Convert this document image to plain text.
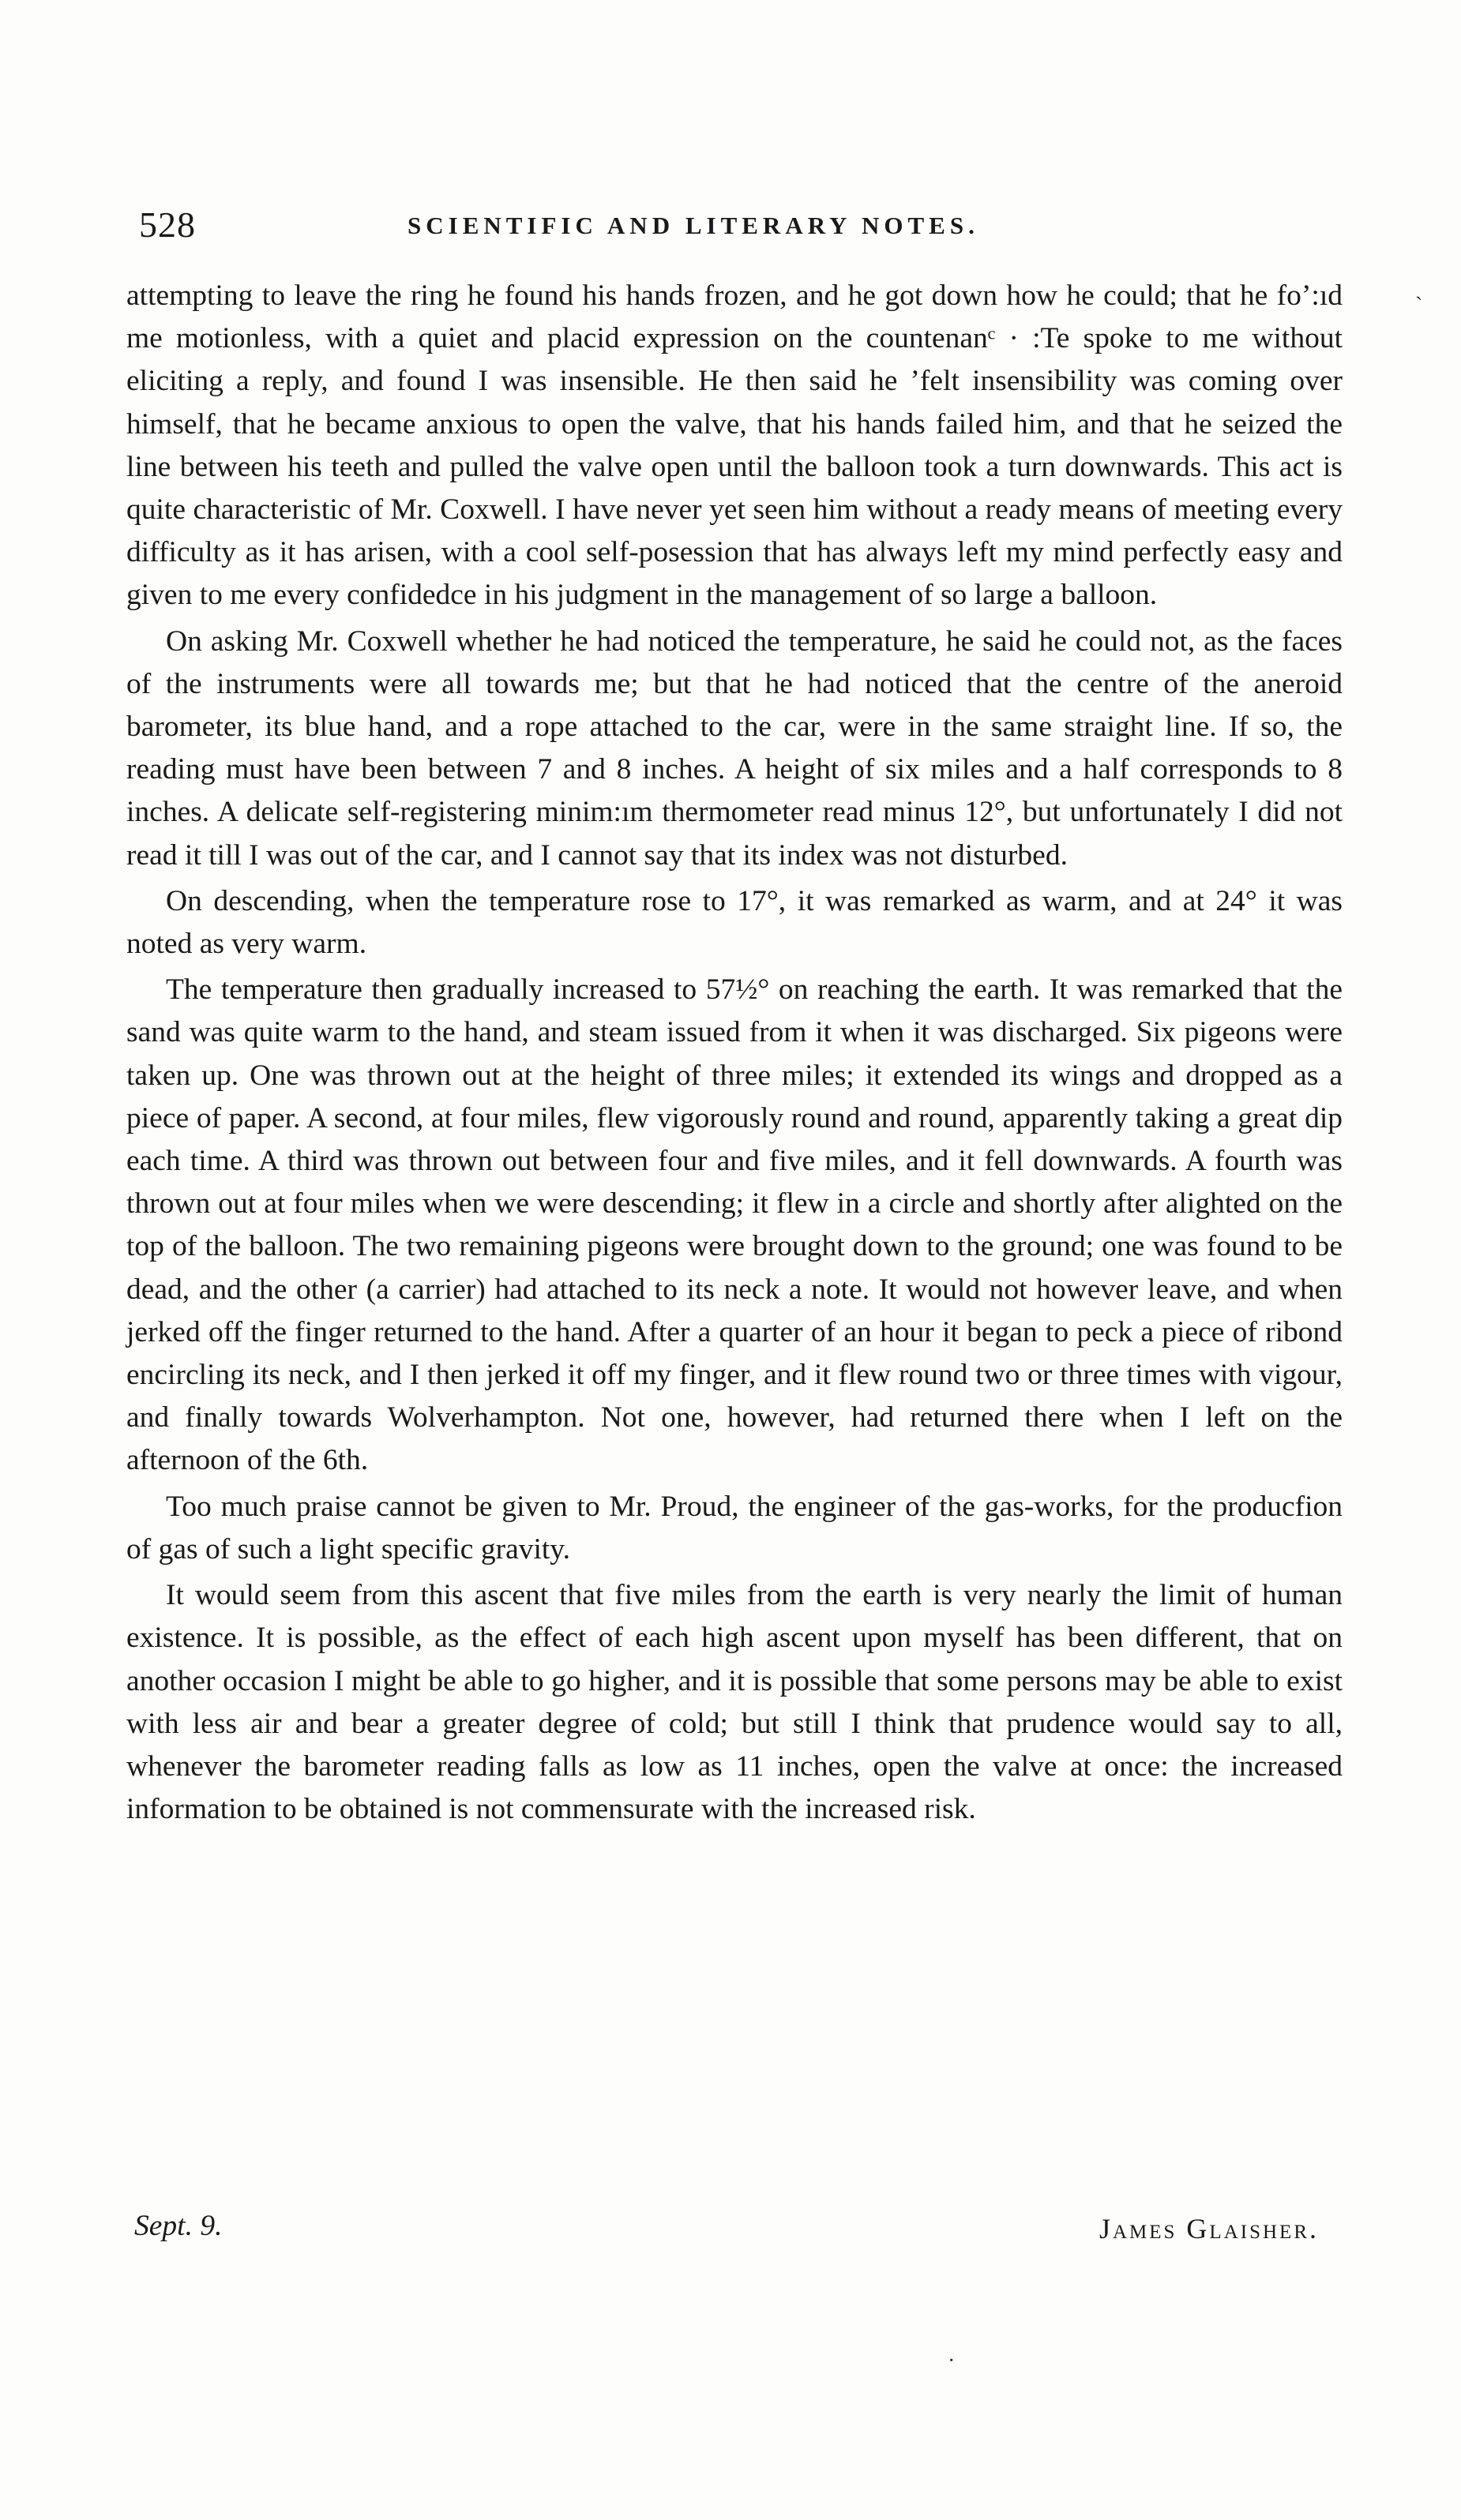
528	SCIENTIFIC AND LITERARY NOTES.
ˏ

attempting to leave the ring he found his hands frozen, and he got down how he could; that he fo’:ıd me motionless, with a quiet and placid expression on the countenanᶜ · :Te spoke to me without eliciting a reply, and found I was insensible. He then said he ’felt insensibility was coming over himself, that he became anxious to open the valve, that his hands failed him, and that he seized the line between his teeth and pulled the valve open until the balloon took a turn downwards. This act is quite characteristic of Mr. Coxwell. I have never yet seen him without a ready means of meeting every difficulty as it has arisen, with a cool self-posession that has always left my mind perfectly easy and given to me every confidedce in his judgment in the management of so large a balloon.

On asking Mr. Coxwell whether he had noticed the temperature, he said he could not, as the faces of the instruments were all towards me; but that he had noticed that the centre of the aneroid barometer, its blue hand, and a rope attached to the car, were in the same straight line. If so, the reading must have been between 7 and 8 inches. A height of six miles and a half corresponds to 8 inches. A delicate self-registering minim:ım thermometer read minus 12°, but unfortunately I did not read it till I was out of the car, and I cannot say that its index was not disturbed.

On descending, when the temperature rose to 17°, it was remarked as warm, and at 24° it was noted as very warm.

The temperature then gradually increased to 57½° on reaching the earth. It was remarked that the sand was quite warm to the hand, and steam issued from it when it was discharged. Six pigeons were taken up. One was thrown out at the height of three miles; it extended its wings and dropped as a piece of paper. A second, at four miles, flew vigorously round and round, apparently taking a great dip each time. A third was thrown out between four and five miles, and it fell downwards. A fourth was thrown out at four miles when we were descending; it flew in a circle and shortly after alighted on the top of the balloon. The two remaining pigeons were brought down to the ground; one was found to be dead, and the other (a carrier) had attached to its neck a note. It would not however leave, and when jerked off the finger returned to the hand. After a quarter of an hour it began to peck a piece of ribond encircling its neck, and I then jerked it off my finger, and it flew round two or three times with vigour, and finally towards Wolverhampton. Not one, however, had returned there when I left on the afternoon of the 6th.

Too much praise cannot be given to Mr. Proud, the engineer of the gas-works, for the producfion of gas of such a light specific gravity.

It would seem from this ascent that five miles from the earth is very nearly the limit of human existence. It is possible, as the effect of each high ascent upon myself has been different, that on another occasion I might be able to go higher, and it is possible that some persons may be able to exist with less air and bear a greater degree of cold; but still I think that prudence would say to all, whenever the barometer reading falls as low as 11 inches, open the valve at once: the increased information to be obtained is not commensurate with the increased risk.

Sept. 9.	James Glaisher.
·
